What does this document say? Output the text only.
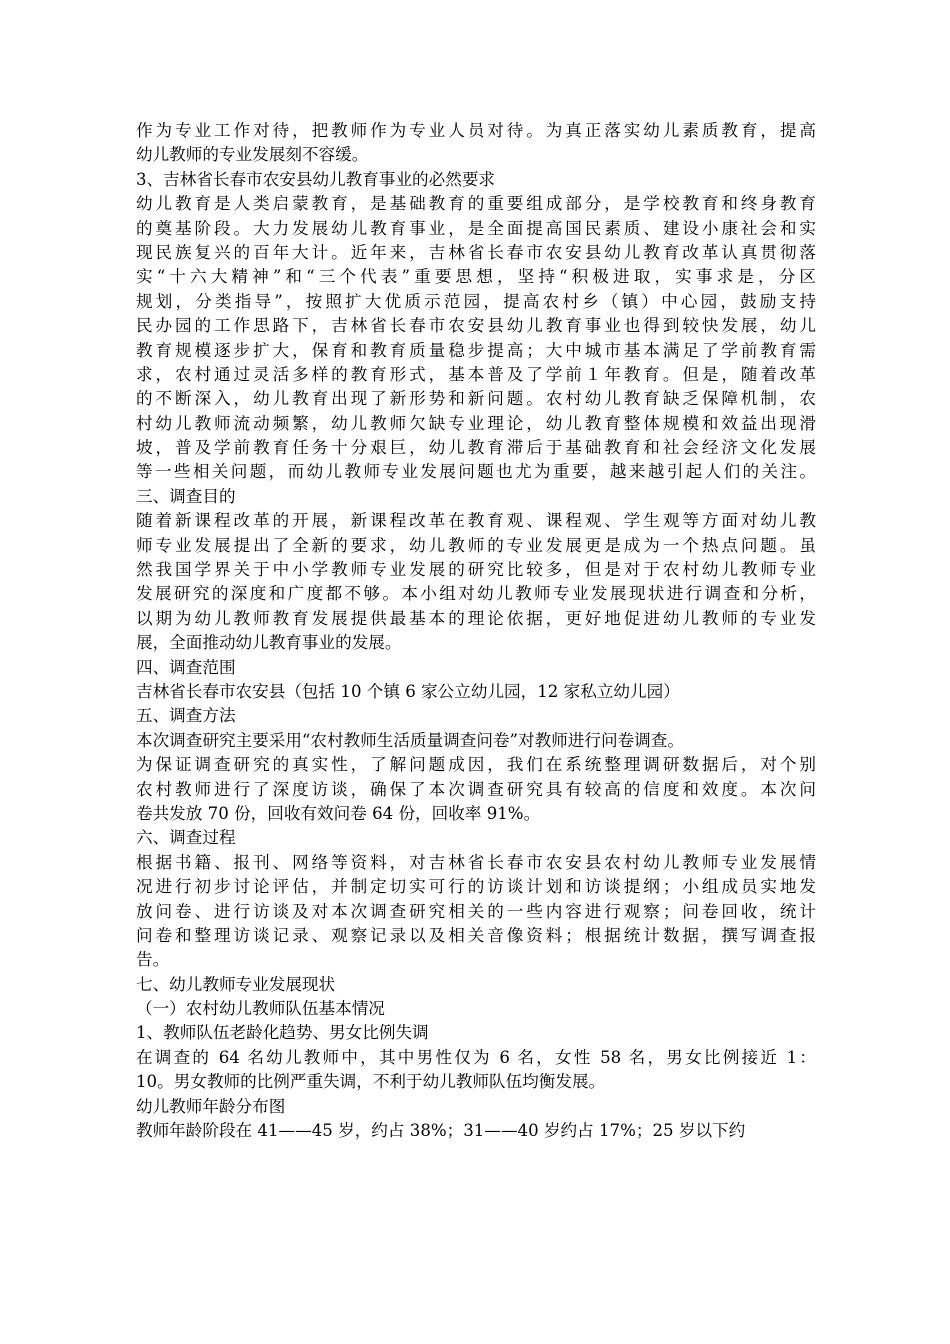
作为专业工作对待，把教师作为专业人员对待。为真正落实幼儿素质教育，提高
幼儿教师的专业发展刻不容缓。
3、吉林省长春市农安县幼儿教育事业的必然要求
幼儿教育是人类启蒙教育，是基础教育的重要组成部分，是学校教育和终身教育
的奠基阶段。大力发展幼儿教育事业，是全面提高国民素质、建设小康社会和实
现民族复兴的百年大计。近年来，吉林省长春市农安县幼儿教育改革认真贯彻落
实“十六大精神”和“三个代表”重要思想，坚持“积极进取，实事求是，分区
规划，分类指导”，按照扩大优质示范园，提高农村乡（镇）中心园，鼓励支持
民办园的工作思路下，吉林省长春市农安县幼儿教育事业也得到较快发展，幼儿
教育规模逐步扩大，保育和教育质量稳步提高；大中城市基本满足了学前教育需
求，农村通过灵活多样的教育形式，基本普及了学前１年教育。但是，随着改革
的不断深入，幼儿教育出现了新形势和新问题。农村幼儿教育缺乏保障机制，农
村幼儿教师流动频繁，幼儿教师欠缺专业理论，幼儿教育整体规模和效益出现滑
坡，普及学前教育任务十分艰巨，幼儿教育滞后于基础教育和社会经济文化发展
等一些相关问题，而幼儿教师专业发展问题也尤为重要，越来越引起人们的关注。
三、调查目的
随着新课程改革的开展，新课程改革在教育观、课程观、学生观等方面对幼儿教
师专业发展提出了全新的要求，幼儿教师的专业发展更是成为一个热点问题。虽
然我国学界关于中小学教师专业发展的研究比较多，但是对于农村幼儿教师专业
发展研究的深度和广度都不够。本小组对幼儿教师专业发展现状进行调查和分析，
以期为幼儿教师教育发展提供最基本的理论依据，更好地促进幼儿教师的专业发
展，全面推动幼儿教育事业的发展。
四、调查范围
吉林省长春市农安县（包括 10 个镇 6 家公立幼儿园，12 家私立幼儿园）
五、调查方法
本次调查研究主要采用“农村教师生活质量调查问卷”对教师进行问卷调查。
为保证调查研究的真实性，了解问题成因，我们在系统整理调研数据后，对个别
农村教师进行了深度访谈，确保了本次调查研究具有较高的信度和效度。本次问
卷共发放 70 份，回收有效问卷 64 份，回收率 91%。
六、调查过程
根据书籍、报刊、网络等资料，对吉林省长春市农安县农村幼儿教师专业发展情
况进行初步讨论评估，并制定切实可行的访谈计划和访谈提纲；小组成员实地发
放问卷、进行访谈及对本次调查研究相关的一些内容进行观察；问卷回收，统计
问卷和整理访谈记录、观察记录以及相关音像资料；根据统计数据，撰写调查报
告。
七、幼儿教师专业发展现状
（一）农村幼儿教师队伍基本情况
1、教师队伍老龄化趋势、男女比例失调
在调查的 64 名幼儿教师中，其中男性仅为 6 名，女性 58 名，男女比例接近 1：
10。男女教师的比例严重失调，不利于幼儿教师队伍均衡发展。
幼儿教师年龄分布图
教师年龄阶段在 41——45 岁，约占 38%；31——40 岁约占 17%；25 岁以下约
